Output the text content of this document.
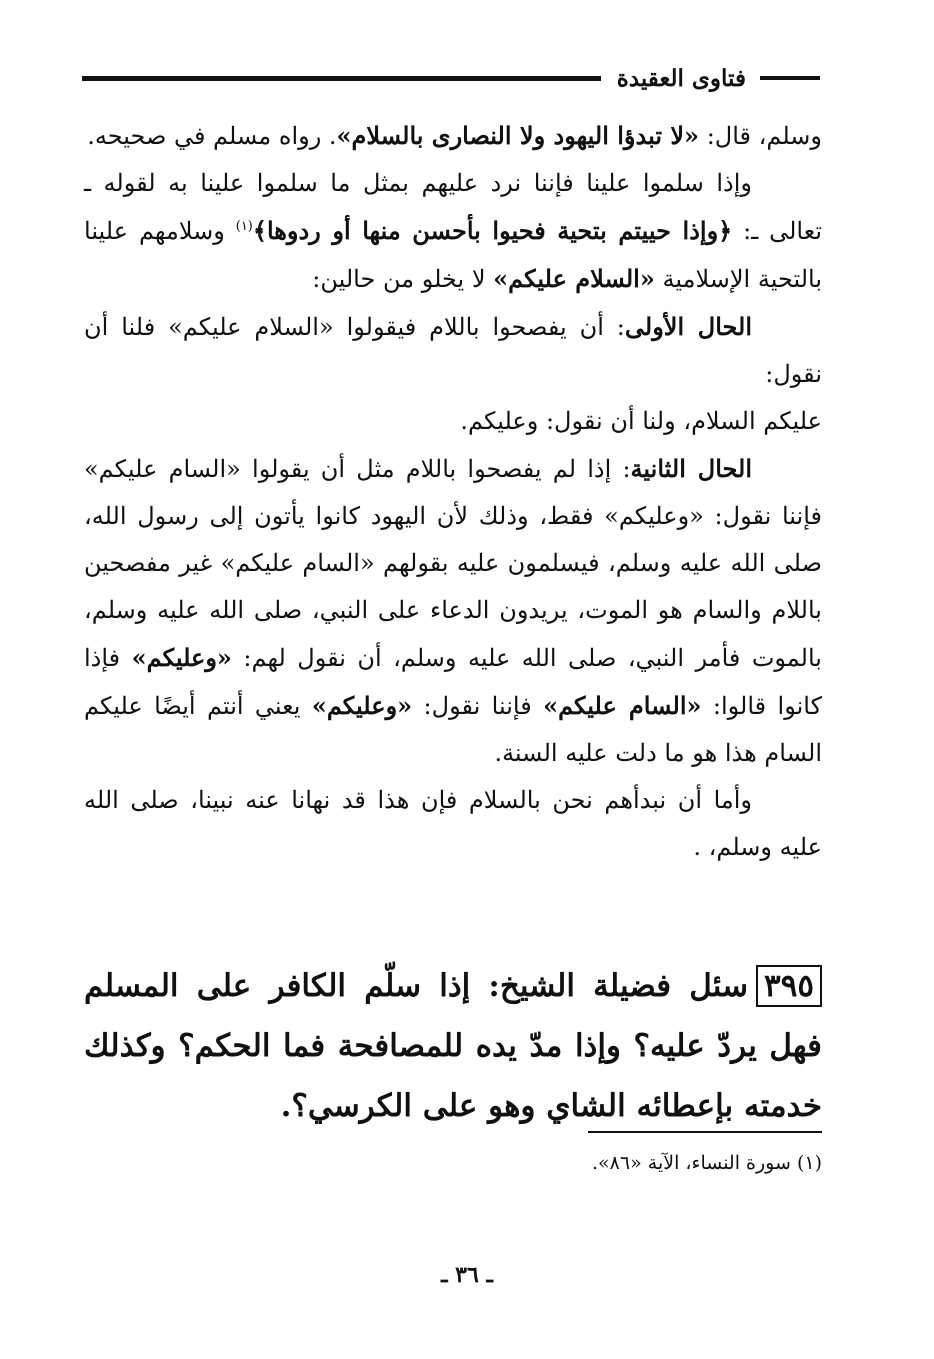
فتاوى العقيدة

وسلم، قال: «لا تبدؤا اليهود ولا النصارى بالسلام». رواه مسلم في صحيحه.

وإذا سلموا علينا فإننا نرد عليهم بمثل ما سلموا علينا به لقوله ـ تعالى ـ: ﴿وإذا حييتم بتحية فحيوا بأحسن منها أو ردوها﴾$^{(١)}$ وسلامهم علينا بالتحية الإسلامية «السلام عليكم» لا يخلو من حالين:

الحال الأولى: أن يفصحوا باللام فيقولوا «السلام عليكم» فلنا أن نقول:

عليكم السلام، ولنا أن نقول: وعليكم.

الحال الثانية: إذا لم يفصحوا باللام مثل أن يقولوا «السام عليكم» فإننا نقول: «وعليكم» فقط، وذلك لأن اليهود كانوا يأتون إلى رسول الله، صلى الله عليه وسلم، فيسلمون عليه بقولهم «السام عليكم» غير مفصحين باللام والسام هو الموت، يريدون الدعاء على النبي، صلى الله عليه وسلم، بالموت فأمر النبي، صلى الله عليه وسلم، أن نقول لهم: «وعليكم» فإذا كانوا قالوا: «السام عليكم» فإننا نقول: «وعليكم» يعني أنتم أيضًا عليكم السام هذا هو ما دلت عليه السنة.

وأما أن نبدأهم نحن بالسلام فإن هذا قد نهانا عنه نبينا، صلى الله عليه وسلم، .

٣٩٥سئل فضيلة الشيخ: إذا سلّم الكافر على المسلم فهل يردّ عليه؟ وإذا مدّ يده للمصافحة فما الحكم؟ وكذلك خدمته بإعطائه الشاي وهو على الكرسي؟.
(١) سورة النساء، الآية «٨٦».
ـ ٣٦ ـ
